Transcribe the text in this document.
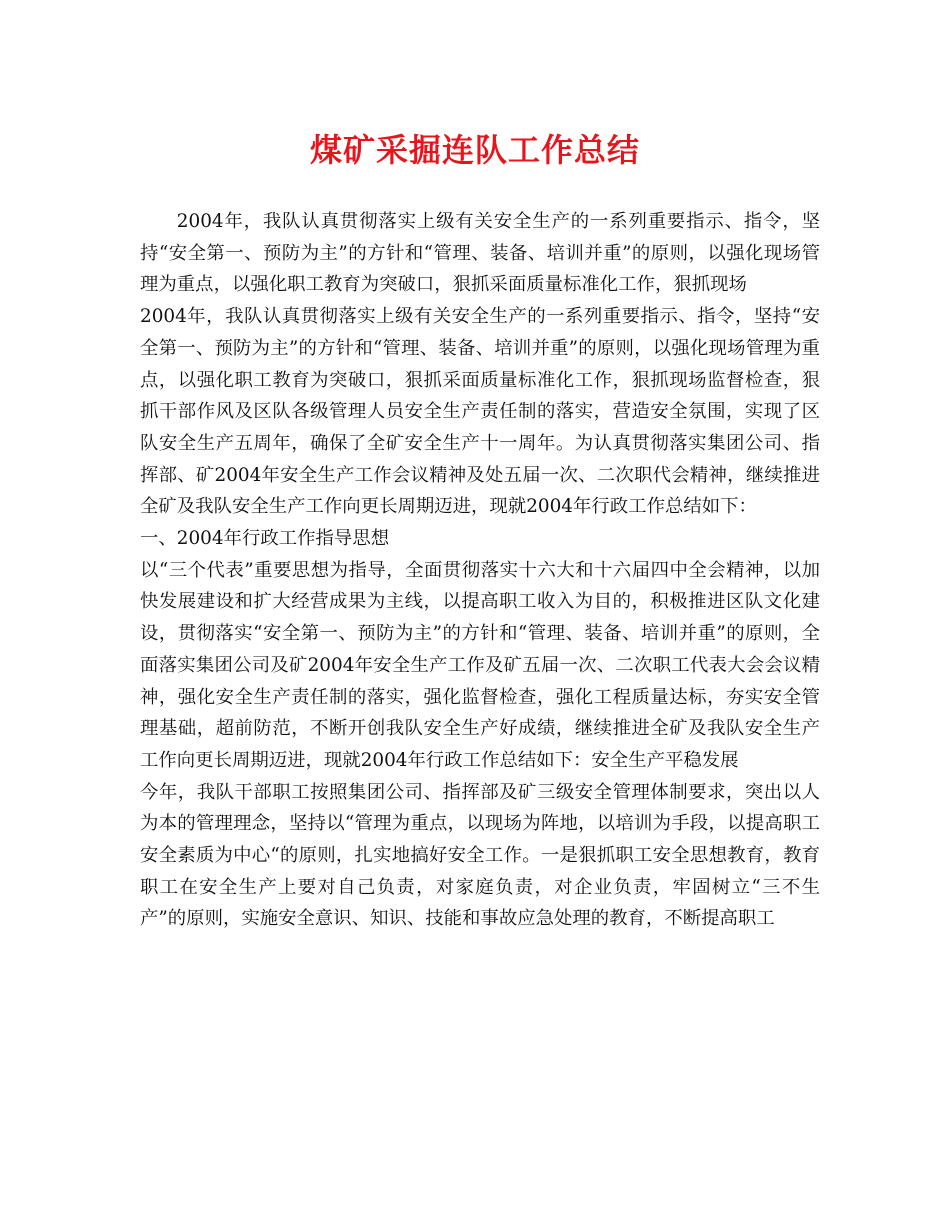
煤矿采掘连队工作总结

2004年，我队认真贯彻落实上级有关安全生产的一系列重要指示、指令，坚持“安全第一、预防为主”的方针和“管理、装备、培训并重”的原则，以强化现场管理为重点，以强化职工教育为突破口，狠抓采面质量标准化工作，狠抓现场

2004年，我队认真贯彻落实上级有关安全生产的一系列重要指示、指令，坚持“安全第一、预防为主”的方针和“管理、装备、培训并重”的原则，以强化现场管理为重点，以强化职工教育为突破口，狠抓采面质量标准化工作，狠抓现场监督检查，狠抓干部作风及区队各级管理人员安全生产责任制的落实，营造安全氛围，实现了区队安全生产五周年，确保了全矿安全生产十一周年。为认真贯彻落实集团公司、指挥部、矿2004年安全生产工作会议精神及处五届一次、二次职代会精神，继续推进全矿及我队安全生产工作向更长周期迈进，现就2004年行政工作总结如下：

一、2004年行政工作指导思想

以“三个代表”重要思想为指导，全面贯彻落实十六大和十六届四中全会精神，以加快发展建设和扩大经营成果为主线，以提高职工收入为目的，积极推进区队文化建设，贯彻落实“安全第一、预防为主”的方针和“管理、装备、培训并重”的原则，全面落实集团公司及矿2004年安全生产工作及矿五届一次、二次职工代表大会会议精神，强化安全生产责任制的落实，强化监督检查，强化工程质量达标，夯实安全管理基础，超前防范，不断开创我队安全生产好成绩，继续推进全矿及我队安全生产工作向更长周期迈进，现就2004年行政工作总结如下：安全生产平稳发展

今年，我队干部职工按照集团公司、指挥部及矿三级安全管理体制要求，突出以人为本的管理理念，坚持以“管理为重点，以现场为阵地，以培训为手段，以提高职工安全素质为中心“的原则，扎实地搞好安全工作。一是狠抓职工安全思想教育，教育职工在安全生产上要对自己负责，对家庭负责，对企业负责，牢固树立“三不生产”的原则，实施安全意识、知识、技能和事故应急处理的教育，不断提高职工
